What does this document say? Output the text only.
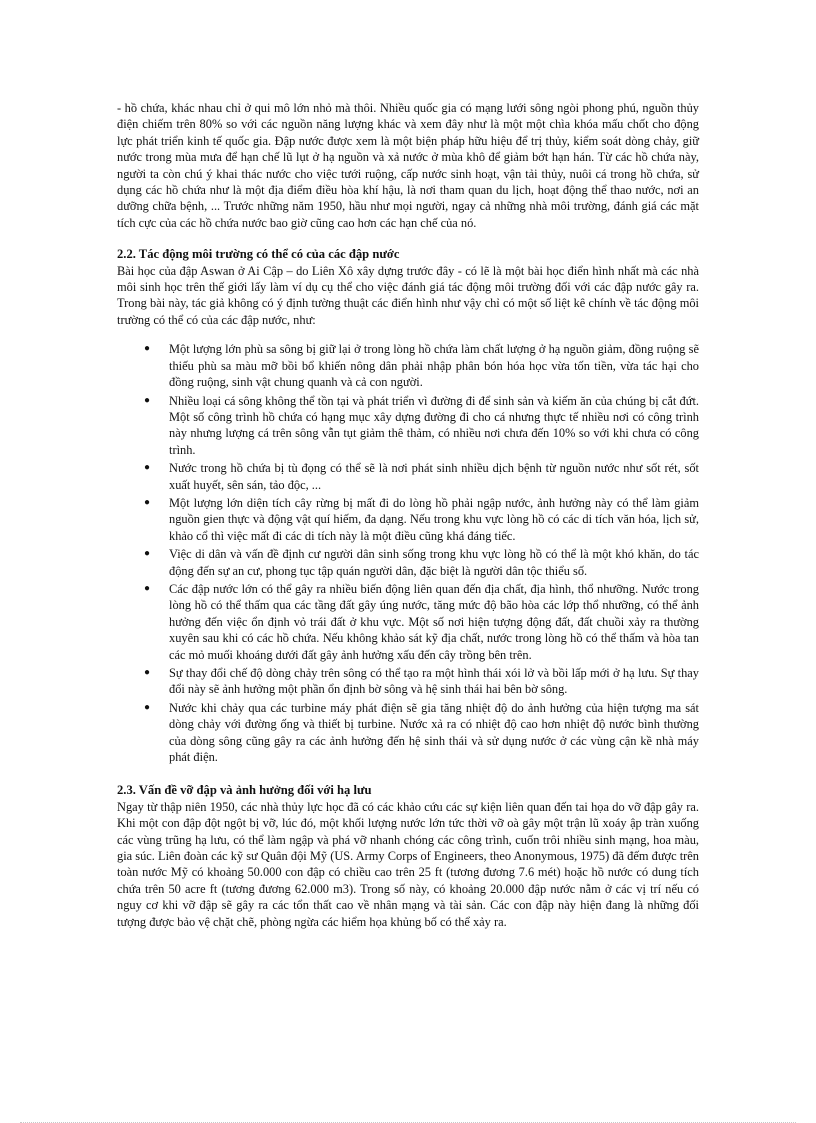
- hồ chứa, khác nhau chỉ ở qui mô lớn nhỏ mà thôi. Nhiều quốc gia có mạng lưới sông ngòi phong phú, nguồn thủy điện chiếm trên 80% so với các nguồn năng lượng khác và xem đây như là một một chìa khóa mấu chốt cho động lực phát triển kinh tế quốc gia. Đập nước được xem là một biện pháp hữu hiệu để trị thủy, kiểm soát dòng chảy, giữ nước trong mùa mưa để hạn chế lũ lụt ở hạ nguồn và xả nước ở mùa khô để giảm bớt hạn hán. Từ các hồ chứa này, người ta còn chú ý khai thác nước cho việc tưới ruộng, cấp nước sinh hoạt, vận tải thủy, nuôi cá trong hồ chứa, sử dụng các hồ chứa như là một địa điểm điều hòa khí hậu, là nơi tham quan du lịch, hoạt động thể thao nước, nơi an dưỡng chữa bệnh, ... Trước những năm 1950, hầu như mọi người, ngay cả những nhà môi trường, đánh giá các mặt tích cực của các hồ chứa nước bao giờ cũng cao hơn các hạn chế của nó.

2.2. Tác động môi trường có thể có của các đập nước

Bài học của đập Aswan ở Ai Cập – do Liên Xô xây dựng trước đây - có lẽ là một bài học điển hình nhất mà các nhà môi sinh học trên thế giới lấy làm ví dụ cụ thể cho việc đánh giá tác động môi trường đối với các đập nước gây ra. Trong bài này, tác giả không có ý định tường thuật các điển hình như vậy chỉ có một số liệt kê chính về tác động môi trường có thể có của các đập nước, như:

● Một lượng lớn phù sa sông bị giữ lại ở trong lòng hồ chứa làm chất lượng ở hạ nguồn giảm, đồng ruộng sẽ thiếu phù sa màu mỡ bồi bổ khiến nông dân phải nhập phân bón hóa học vừa tốn tiền, vừa tác hại cho đồng ruộng, sinh vật chung quanh và cả con người.
● Nhiều loại cá sông không thể tồn tại và phát triển vì đường đi để sinh sản và kiếm ăn của chúng bị cắt đứt. Một số công trình hồ chứa có hạng mục xây dựng đường đi cho cá nhưng thực tế nhiều nơi có công trình này nhưng lượng cá trên sông vẫn tụt giảm thê thảm, có nhiều nơi chưa đến 10% so với khi chưa có công trình.
● Nước trong hồ chứa bị tù đọng có thể sẽ là nơi phát sinh nhiều dịch bệnh từ nguồn nước như sốt rét, sốt xuất huyết, sên sán, tảo độc, ...
● Một lượng lớn diện tích cây rừng bị mất đi do lòng hồ phải ngập nước, ảnh hưởng này có thể làm giảm nguồn gien thực và động vật quí hiếm, đa dạng. Nếu trong khu vực lòng hồ có các di tích văn hóa, lịch sử, khảo cổ thì việc mất đi các di tích này là một điều cũng khá đáng tiếc.
● Việc di dân và vấn đề định cư người dân sinh sống trong khu vực lòng hồ có thể là một khó khăn, do tác động đến sự an cư, phong tục tập quán người dân, đặc biệt là người dân tộc thiểu số.
● Các đập nước lớn có thể gây ra nhiều biến động liên quan đến địa chất, địa hình, thổ nhưỡng. Nước trong lòng hồ có thể thấm qua các tầng đất gây úng nước, tăng mức độ bão hòa các lớp thổ nhưỡng, có thể ảnh hưởng đến việc ổn định vỏ trái đất ở khu vực. Một số nơi hiện tượng động đất, đất chuồi xảy ra thường xuyên sau khi có các hồ chứa. Nếu không khảo sát kỹ địa chất, nước trong lòng hồ có thể thấm và hòa tan các mỏ muối khoáng dưới đất gây ảnh hưởng xấu đến cây trồng bên trên.
● Sự thay đổi chế độ dòng chảy trên sông có thể tạo ra một hình thái xói lở và bồi lấp mới ở hạ lưu. Sự thay đổi này sẽ ảnh hưởng một phần ổn định bờ sông và hệ sinh thái hai bên bờ sông.
● Nước khi chảy qua các turbine máy phát điện sẽ gia tăng nhiệt độ do ảnh hưởng của hiện tượng ma sát dòng chảy với đường ống và thiết bị turbine. Nước xả ra có nhiệt độ cao hơn nhiệt độ nước bình thường của dòng sông cũng gây ra các ảnh hưởng đến hệ sinh thái và sử dụng nước ở các vùng cận kề nhà máy phát điện.
2.3. Vấn đề vỡ đập và ảnh hưởng đối với hạ lưu

Ngay từ thập niên 1950, các nhà thủy lực học đã có các khảo cứu các sự kiện liên quan đến tai họa do vỡ đập gây ra. Khi một con đập đột ngột bị vỡ, lúc đó, một khối lượng nước lớn tức thời vỡ oà gây một trận lũ xoáy ập tràn xuống các vùng trũng hạ lưu, có thể làm ngập và phá vỡ nhanh chóng các công trình, cuốn trôi nhiều sinh mạng, hoa màu, gia súc. Liên đoàn các kỹ sư Quân đội Mỹ (US. Army Corps of Engineers, theo Anonymous, 1975) đã đếm được trên toàn nước Mỹ có khoảng 50.000 con đập có chiều cao trên 25 ft (tương đương 7.6 mét) hoặc hồ nước có dung tích chứa trên 50 acre ft (tương đương 62.000 m3). Trong số này, có khoảng 20.000 đập nước nằm ở các vị trí nếu có nguy cơ khi vỡ đập sẽ gây ra các tổn thất cao về nhân mạng và tài sản. Các con đập này hiện đang là những đối tượng được bảo vệ chặt chẽ, phòng ngừa các hiểm họa khủng bố có thể xảy ra.
